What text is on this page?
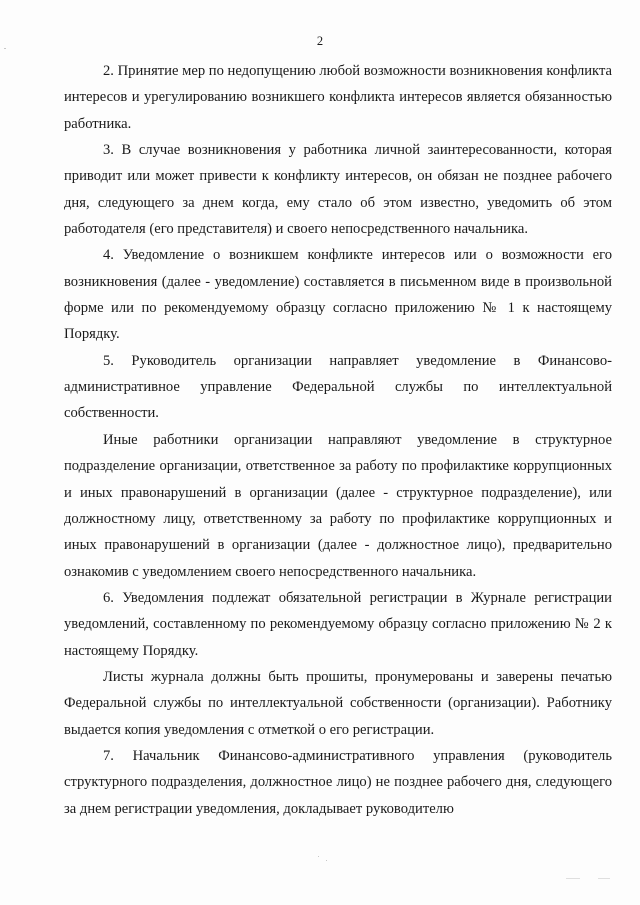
2

2. Принятие мер по недопущению любой возможности возникновения конфликта интересов и урегулированию возникшего конфликта интересов является обязанностью работника.

3. В случае возникновения у работника личной заинтересованности, которая приводит или может привести к конфликту интересов, он обязан не позднее рабочего дня, следующего за днем когда, ему стало об этом известно, уведомить об этом работодателя (его представителя) и своего непосредственного начальника.

4. Уведомление о возникшем конфликте интересов или о возможности его возникновения (далее - уведомление) составляется в письменном виде в произвольной форме или по рекомендуемому образцу согласно приложению № 1 к настоящему Порядку.

5. Руководитель организации направляет уведомление в Финансово-административное управление Федеральной службы по интеллектуальной собственности.

Иные работники организации направляют уведомление в структурное подразделение организации, ответственное за работу по профилактике коррупционных и иных правонарушений в организации (далее - структурное подразделение), или должностному лицу, ответственному за работу по профилактике коррупционных и иных правонарушений в организации (далее - должностное лицо), предварительно ознакомив с уведомлением своего непосредственного начальника.

6. Уведомления подлежат обязательной регистрации в Журнале регистрации уведомлений, составленному по рекомендуемому образцу согласно приложению № 2 к настоящему Порядку.

Листы журнала должны быть прошиты, пронумерованы и заверены печатью Федеральной службы по интеллектуальной собственности (организации). Работнику выдается копия уведомления с отметкой о его регистрации.

7. Начальник Финансово-административного управления (руководитель структурного подразделения, должностное лицо) не позднее рабочего дня, следующего за днем регистрации уведомления, докладывает руководителю
